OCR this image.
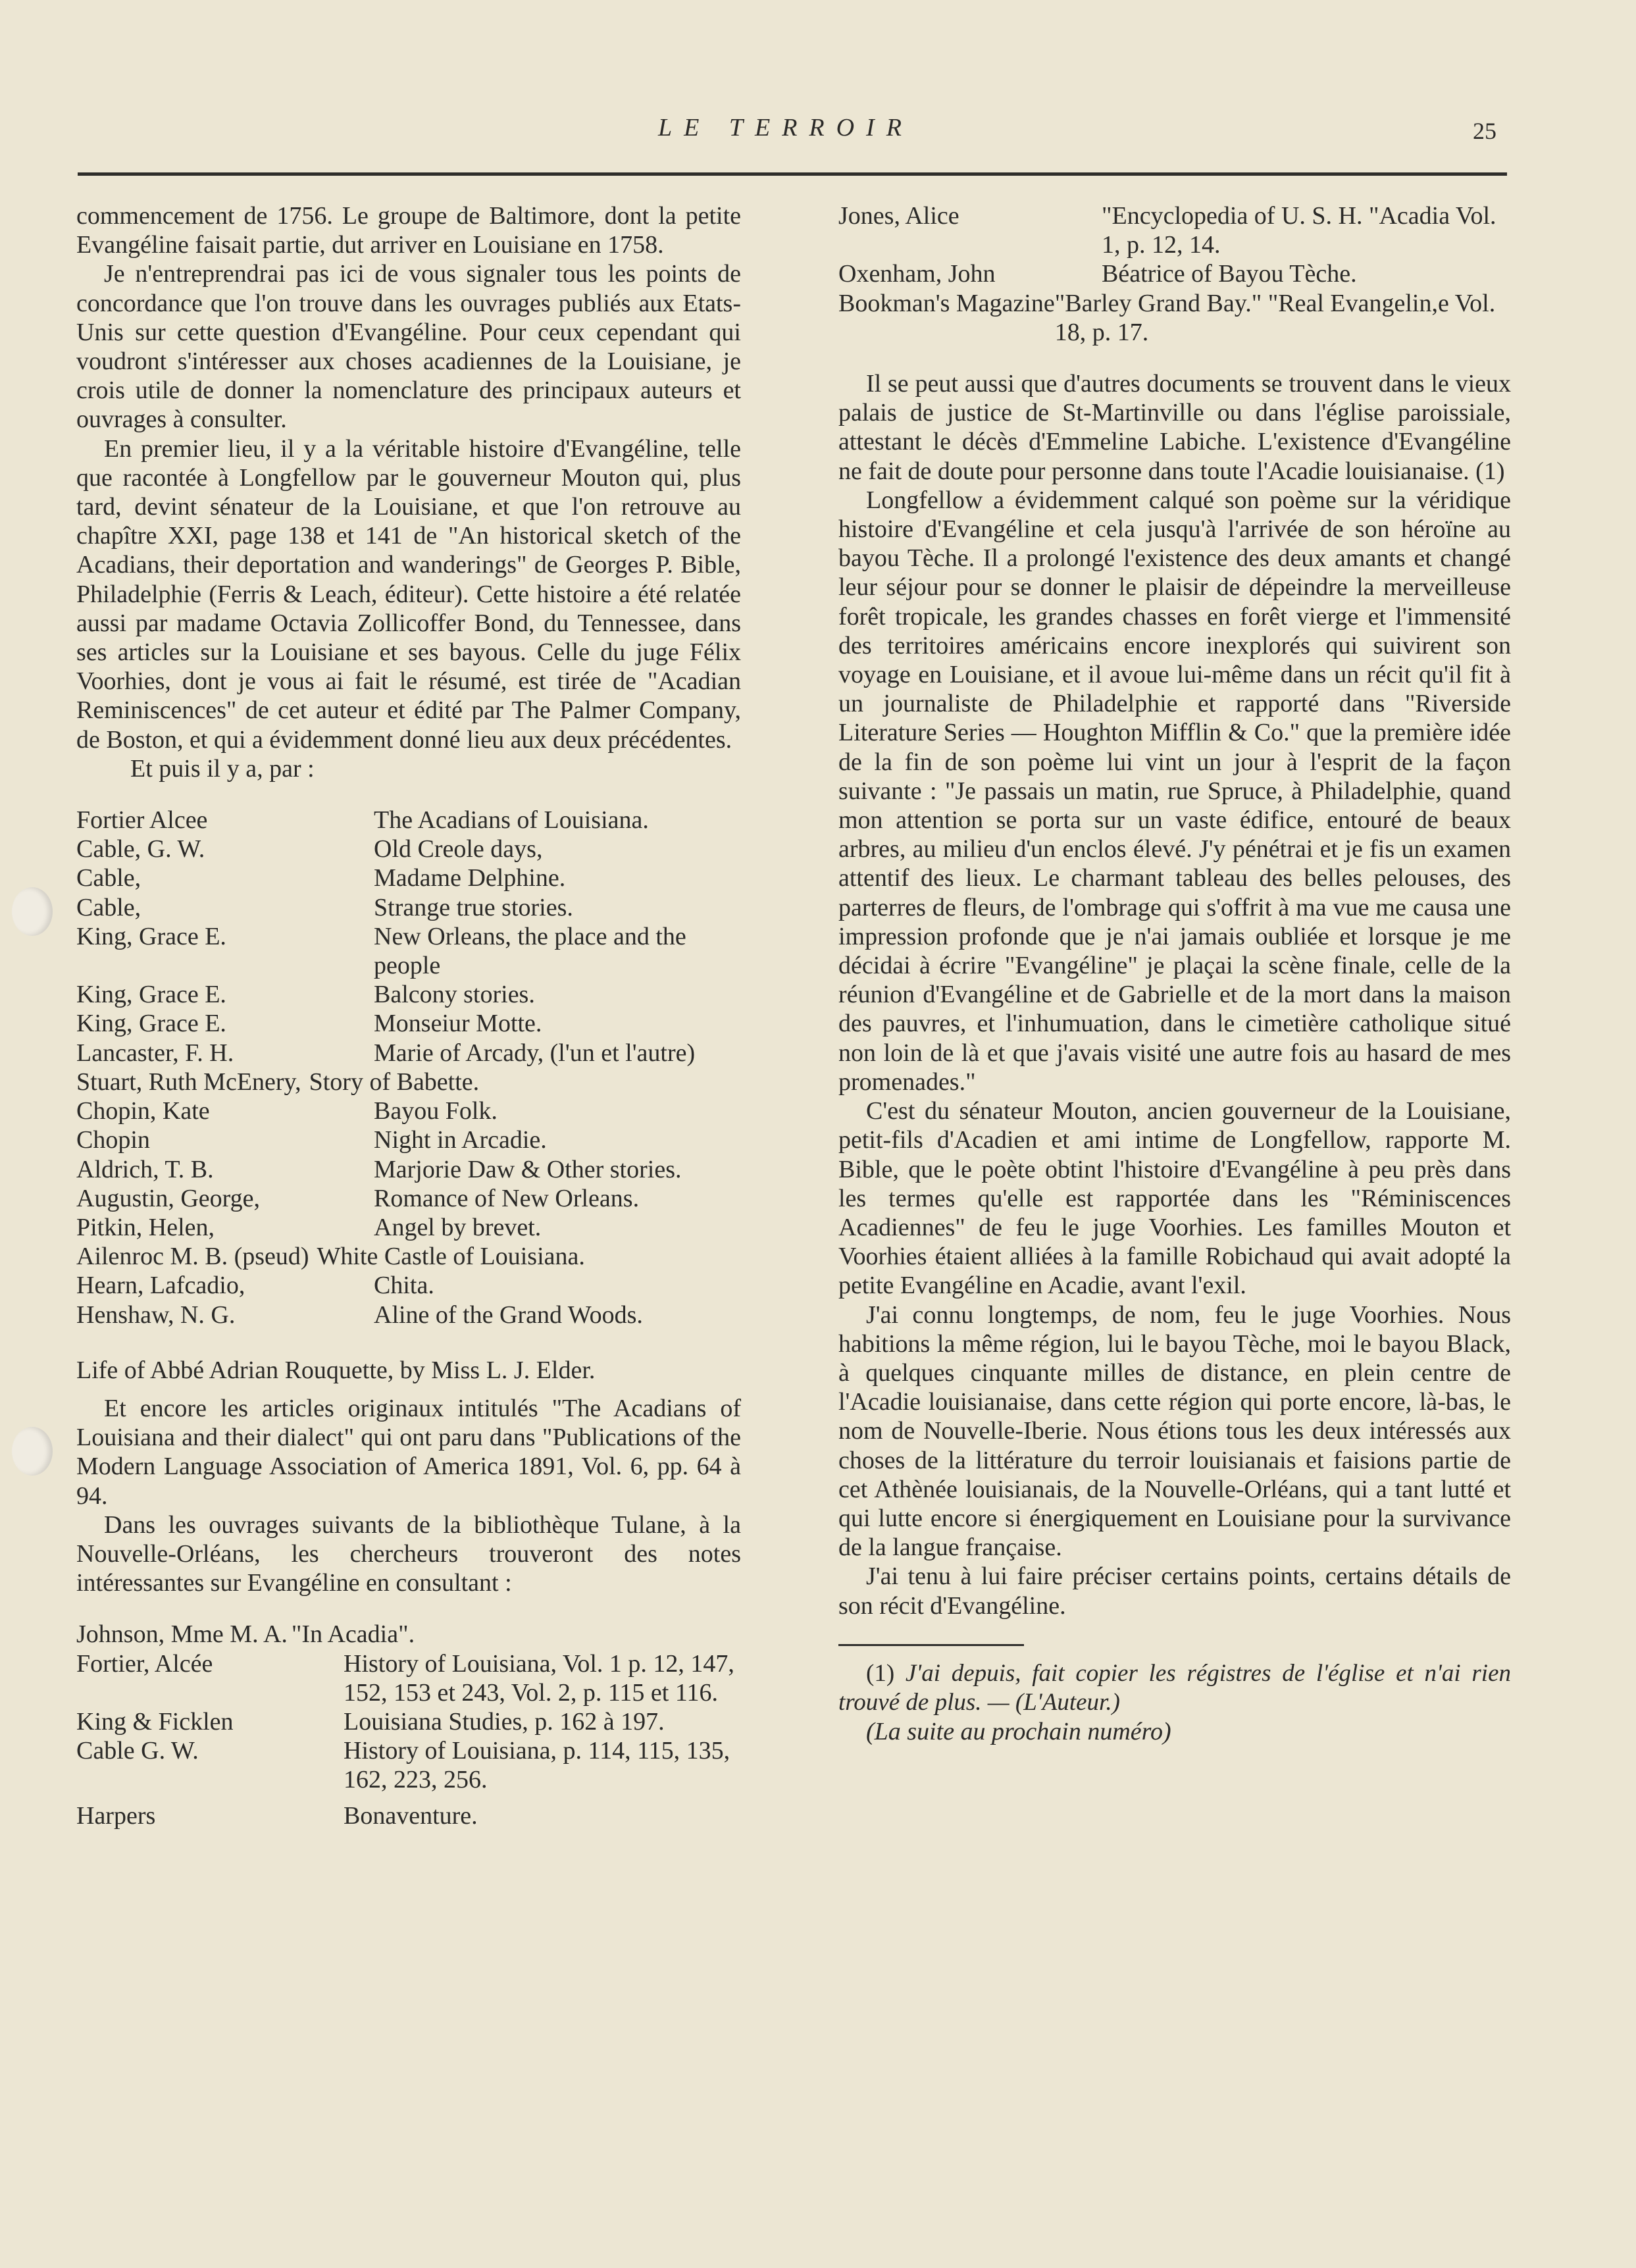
LE TERROIR	25

commencement de 1756. Le groupe de Baltimore, dont la petite Evangéline faisait partie, dut arriver en Louisiane en 1758.

Je n'entreprendrai pas ici de vous signaler tous les points de concordance que l'on trouve dans les ouvrages publiés aux Etats-Unis sur cette question d'Evangéline. Pour ceux cependant qui voudront s'intéresser aux choses acadiennes de la Louisiane, je crois utile de donner la nomenclature des principaux auteurs et ouvrages à consulter.

En premier lieu, il y a la véritable histoire d'Evangéline, telle que racontée à Longfellow par le gouverneur Mouton qui, plus tard, devint sénateur de la Louisiane, et que l'on retrouve au chapître XXI, page 138 et 141 de "An historical sketch of the Acadians, their deportation and wanderings" de Georges P. Bible, Philadelphie (Ferris & Leach, éditeur). Cette histoire a été relatée aussi par madame Octavia Zollicoffer Bond, du Tennessee, dans ses articles sur la Louisiane et ses bayous. Celle du juge Félix Voorhies, dont je vous ai fait le résumé, est tirée de "Acadian Reminiscences" de cet auteur et édité par The Palmer Company, de Boston, et qui a évidemment donné lieu aux deux précédentes.

Et puis il y a, par :

Fortier Alcee	The Acadians of Louisiana.
Cable, G. W.	Old Creole days,
Cable,	Madame Delphine.
Cable,	Strange true stories.
King, Grace E.	New Orleans, the place and the people
King, Grace E.	Balcony stories.
King, Grace E.	Monseiur Motte.
Lancaster, F. H.	Marie of Arcady, (l'un et l'autre)
Stuart, Ruth McEnery, Story of Babette.
Chopin, Kate	Bayou Folk.
Chopin	Night in Arcadie.
Aldrich, T. B.	Marjorie Daw & Other stories.
Augustin, George,	Romance of New Orleans.
Pitkin, Helen,	Angel by brevet.
Ailenroc M. B. (pseud) White Castle of Louisiana.
Hearn, Lafcadio,	Chita.
Henshaw, N. G.	Aline of the Grand Woods.

Life of Abbé Adrian Rouquette, by Miss L. J. Elder.

Et encore les articles originaux intitulés "The Acadians of Louisiana and their dialect" qui ont paru dans "Publications of the Modern Language Association of America 1891, Vol. 6, pp. 64 à 94.

Dans les ouvrages suivants de la bibliothèque Tulane, à la Nouvelle-Orléans, les chercheurs trouveront des notes intéressantes sur Evangéline en consultant :

Johnson, Mme M. A. "In Acadia".
Fortier, Alcée	History of Louisiana, Vol. 1 p. 12, 147, 152, 153 et 243, Vol. 2, p. 115 et 116.
King & Ficklen	Louisiana Studies, p. 162 à 197.
Cable G. W.	History of Louisiana, p. 114, 115, 135, 162, 223, 256.
Harpers	Bonaventure.
Jones, Alice	"Encyclopedia of U. S. H. "Acadia Vol. 1, p. 12, 14.
Oxenham, John	Béatrice of Bayou Tèche.
Bookman's Magazine "Barley Grand Bay." "Real Evangelin,e Vol. 18, p. 17.

Il se peut aussi que d'autres documents se trouvent dans le vieux palais de justice de St-Martinville ou dans l'église paroissiale, attestant le décès d'Emmeline Labiche. L'existence d'Evangéline ne fait de doute pour personne dans toute l'Acadie louisianaise. (1)

Longfellow a évidemment calqué son poème sur la véridique histoire d'Evangéline et cela jusqu'à l'arrivée de son héroïne au bayou Tèche. Il a prolongé l'existence des deux amants et changé leur séjour pour se donner le plaisir de dépeindre la merveilleuse forêt tropicale, les grandes chasses en forêt vierge et l'immensité des territoires américains encore inexplorés qui suivirent son voyage en Louisiane, et il avoue lui-même dans un récit qu'il fit à un journaliste de Philadelphie et rapporté dans "Riverside Literature Series — Houghton Mifflin & Co." que la première idée de la fin de son poème lui vint un jour à l'esprit de la façon suivante : "Je passais un matin, rue Spruce, à Philadelphie, quand mon attention se porta sur un vaste édifice, entouré de beaux arbres, au milieu d'un enclos élevé. J'y pénétrai et je fis un examen attentif des lieux. Le charmant tableau des belles pelouses, des parterres de fleurs, de l'ombrage qui s'offrit à ma vue me causa une impression profonde que je n'ai jamais oubliée et lorsque je me décidai à écrire "Evangéline" je plaçai la scène finale, celle de la réunion d'Evangéline et de Gabrielle et de la mort dans la maison des pauvres, et l'inhumuation, dans le cimetière catholique situé non loin de là et que j'avais visité une autre fois au hasard de mes promenades."

C'est du sénateur Mouton, ancien gouverneur de la Louisiane, petit-fils d'Acadien et ami intime de Longfellow, rapporte M. Bible, que le poète obtint l'histoire d'Evangéline à peu près dans les termes qu'elle est rapportée dans les "Réminiscences Acadiennes" de feu le juge Voorhies. Les familles Mouton et Voorhies étaient alliées à la famille Robichaud qui avait adopté la petite Evangéline en Acadie, avant l'exil.

J'ai connu longtemps, de nom, feu le juge Voorhies. Nous habitions la même région, lui le bayou Tèche, moi le bayou Black, à quelques cinquante milles de distance, en plein centre de l'Acadie louisianaise, dans cette région qui porte encore, là-bas, le nom de Nouvelle-Iberie. Nous étions tous les deux intéressés aux choses de la littérature du terroir louisianais et faisions partie de cet Athènée louisianais, de la Nouvelle-Orléans, qui a tant lutté et qui lutte encore si énergiquement en Louisiane pour la survivance de la langue française.

J'ai tenu à lui faire préciser certains points, certains détails de son récit d'Evangéline.

(1) J'ai depuis, fait copier les régistres de l'église et n'ai rien trouvé de plus. — (L'Auteur.)

(La suite au prochain numéro)
